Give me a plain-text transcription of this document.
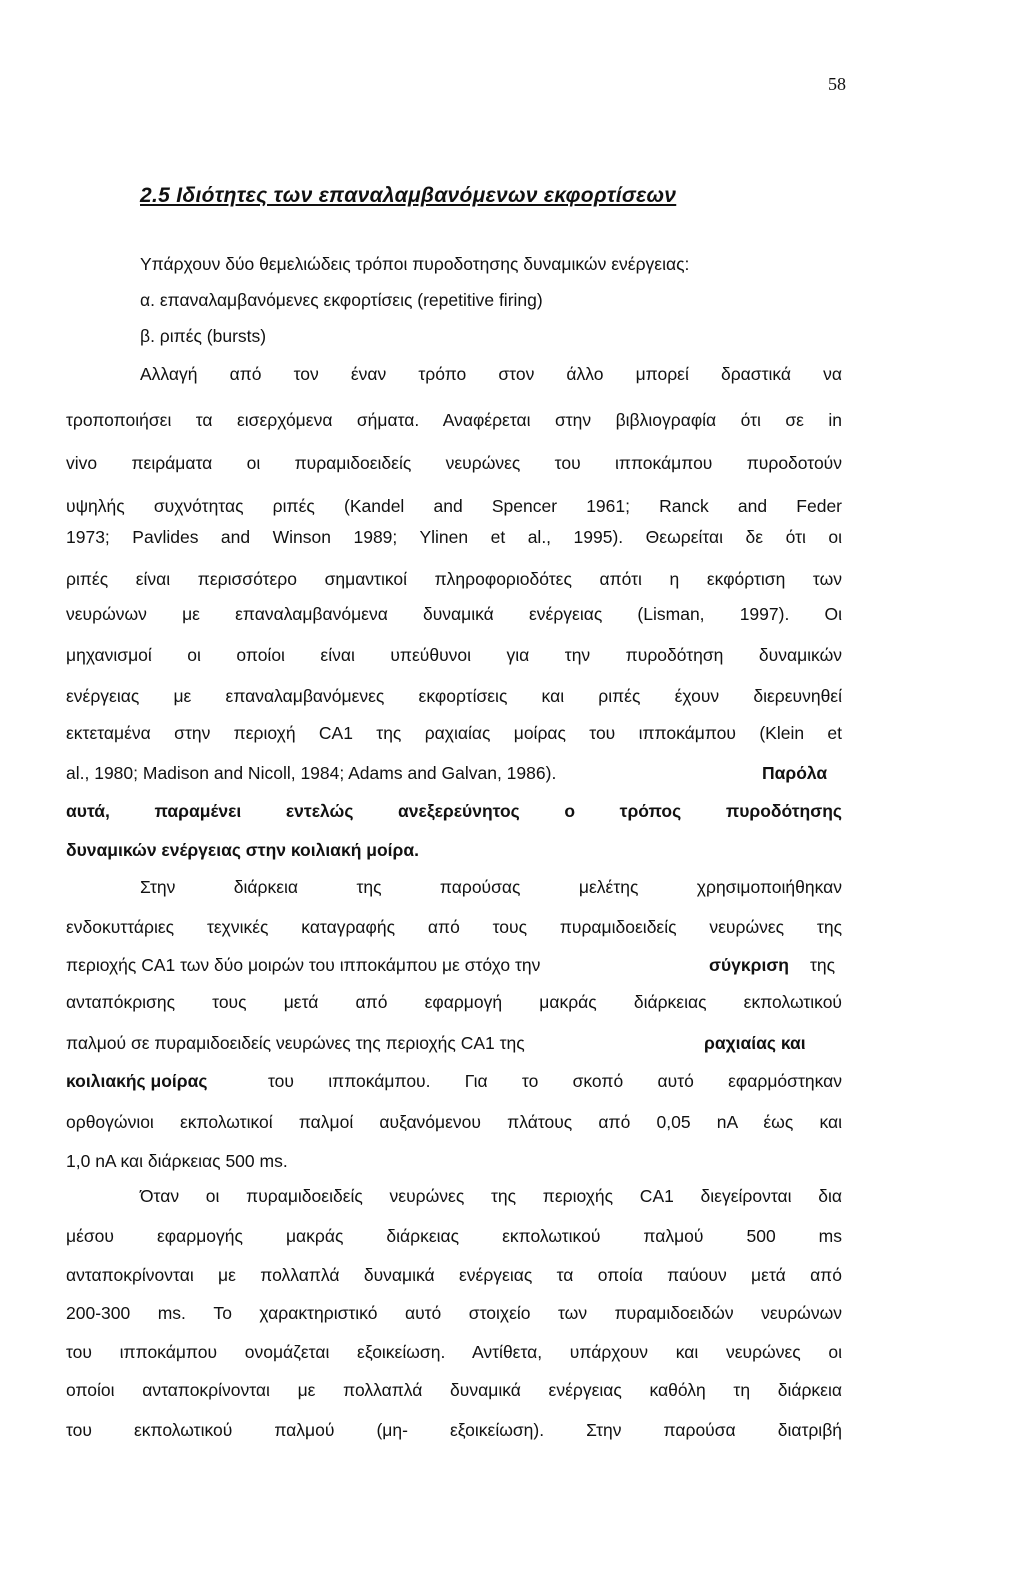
58
2.5 Ιδιότητες των επαναλαμβανόμενων εκφορτίσεων
Υπάρχουν δύο θεμελιώδεις τρόποι πυροδοτησης δυναμικών ενέργειας:
α. επαναλαμβανόμενες εκφορτίσεις (repetitive firing)
β. ριπές (bursts)
Αλλαγή από τον έναν τρόπο στον άλλο μπορεί δραστικά να
τροποποιήσει τα εισερχόμενα σήματα. Αναφέρεται στην βιβλιογραφία ότι σε in
vivo πειράματα οι πυραμιδοειδείς νευρώνες του ιπποκάμπου πυροδοτούν
υψηλής συχνότητας ριπές (Kandel and Spencer 1961; Ranck and Feder
1973; Pavlides and Winson 1989; Ylinen et al., 1995). Θεωρείται δε ότι οι
ριπές είναι περισσότερο σημαντικοί πληροφοριοδότες απότι η εκφόρτιση των
νευρώνων με επαναλαμβανόμενα δυναμικά ενέργειας (Lisman, 1997). Οι
μηχανισμοί οι οποίοι είναι υπεύθυνοι για την πυροδότηση δυναμικών
ενέργειας με επαναλαμβανόμενες εκφορτίσεις και ριπές έχουν διερευνηθεί
εκτεταμένα στην περιοχή CA1 της ραχιαίας μοίρας του ιπποκάμπου (Klein et
al., 1980; Madison and Nicoll, 1984; Adams and Galvan, 1986).	Παρόλα
αυτά, παραμένει εντελώς ανεξερεύνητος ο τρόπος πυροδότησης
δυναμικών ενέργειας στην κοιλιακή μοίρα.
Στην διάρκεια της παρούσας μελέτης χρησιμοποιήθηκαν
ενδοκυττάριες τεχνικές καταγραφής από τους πυραμιδοειδείς νευρώνες της
περιοχής CA1 των δύο μοιρών του ιπποκάμπου με στόχο την	σύγκριση της
ανταπόκρισης τους μετά από εφαρμογή μακράς διάρκειας εκπολωτικού
παλμού σε πυραμιδοειδείς νευρώνες της περιοχής CA1 της	ραχιαίας και
κοιλιακής μοίρας	του ιπποκάμπου. Για το σκοπό αυτό εφαρμόστηκαν
ορθογώνιοι εκπολωτικοί παλμοί αυξανόμενου πλάτους από 0,05 nA έως και
1,0 nA και διάρκειας 500 ms.
Όταν οι πυραμιδοειδείς νευρώνες της περιοχής CA1 διεγείρονται δια
μέσου εφαρμογής μακράς διάρκειας εκπολωτικού παλμού 500 ms
ανταποκρίνονται με πολλαπλά δυναμικά ενέργειας τα οποία παύουν μετά από
200-300 ms. Το χαρακτηριστικό αυτό στοιχείο των πυραμιδοειδών νευρώνων
του ιπποκάμπου ονομάζεται εξοικείωση. Αντίθετα, υπάρχουν και νευρώνες οι
οποίοι ανταποκρίνονται με πολλαπλά δυναμικά ενέργειας καθόλη τη διάρκεια
του εκπολωτικού παλμού (μη- εξοικείωση). Στην παρούσα διατριβή
